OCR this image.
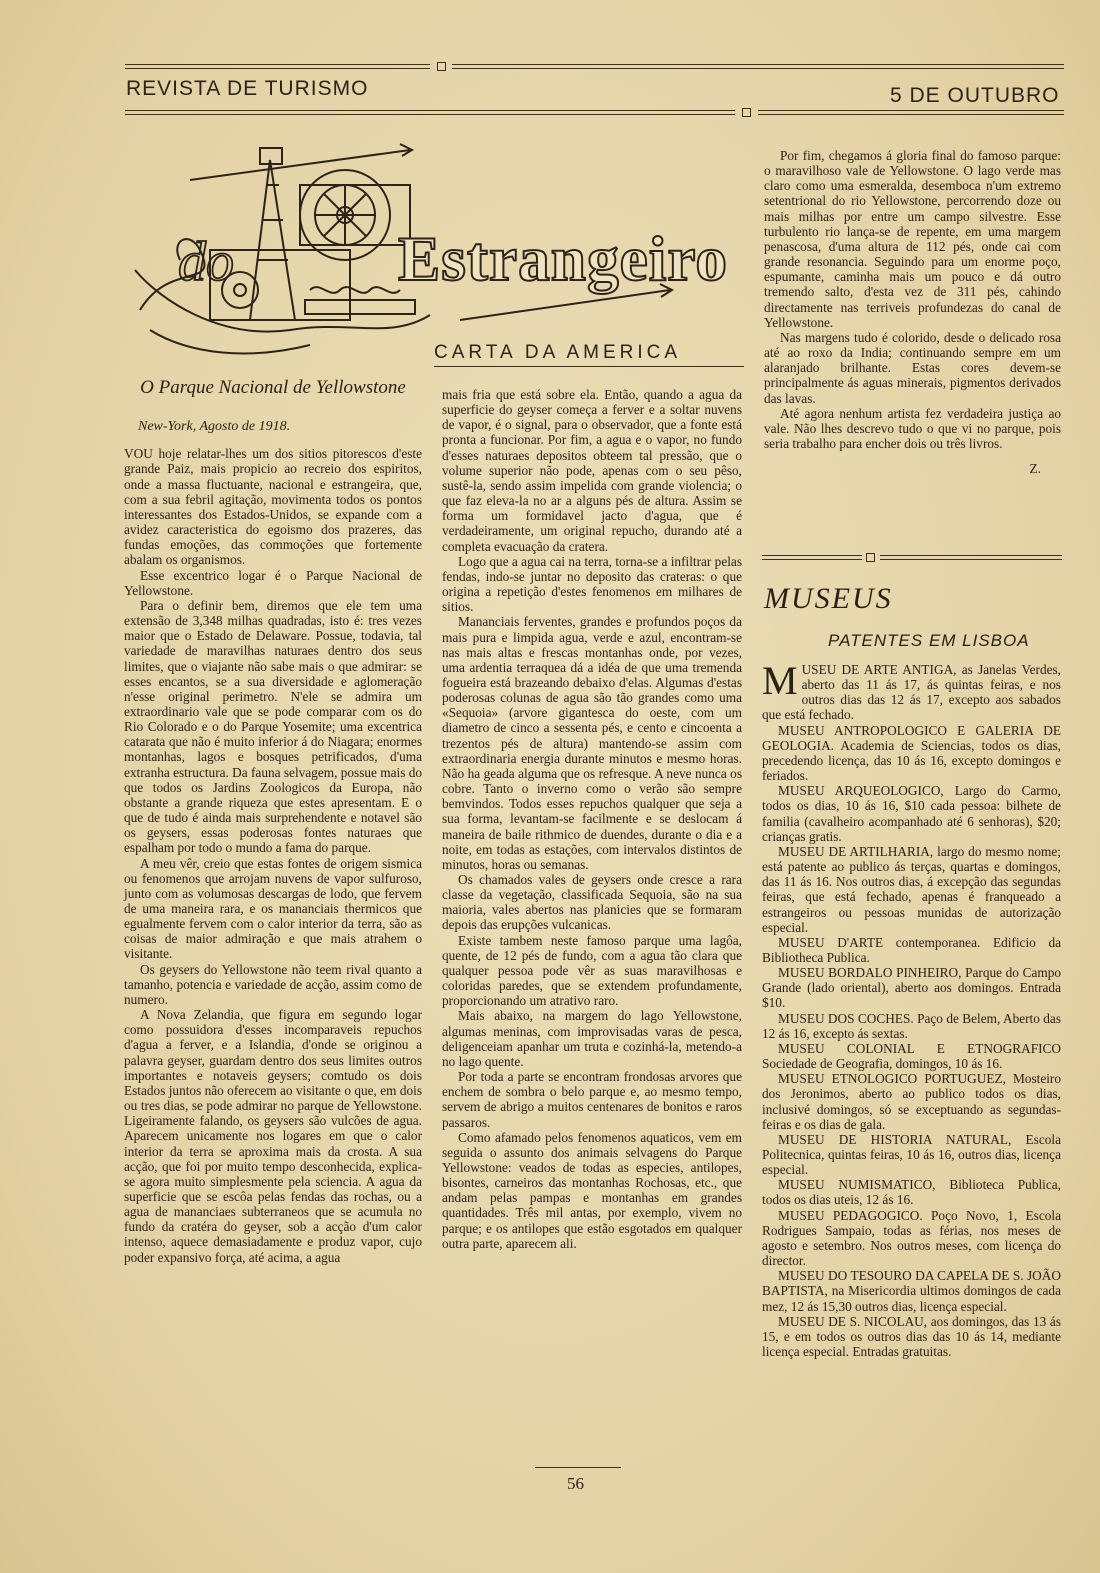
REVISTA DE TURISMO	5 DE OUTUBRO
do	Estrangeiro
CARTA DA AMERICA
O Parque Nacional de Yellowstone
New-York, Agosto de 1918.

VOU hoje relatar-lhes um dos sitios pitorescos d'este grande Paiz, mais propicio ao recreio dos espiritos, onde a massa fluctuante, nacional e estrangeira, que, com a sua febril agitação, movimenta todos os pontos interessantes dos Estados-Unidos, se expande com a avidez caracteristica do egoismo dos prazeres, das fundas emoções, das commoções que fortemente abalam os organismos.

Esse excentrico logar é o Parque Nacional de Yellowstone.

Para o definir bem, diremos que ele tem uma extensão de 3,348 milhas quadradas, isto é: tres vezes maior que o Estado de Delaware. Possue, todavia, tal variedade de maravilhas naturaes dentro dos seus limites, que o viajante não sabe mais o que admirar: se esses encantos, se a sua diversidade e aglomeração n'esse original perimetro. N'ele se admira um extraordinario vale que se pode comparar com os do Rio Colorado e o do Parque Yosemite; uma excentrica catarata que não é muito inferior á do Niagara; enormes montanhas, lagos e bosques petrificados, d'uma extranha estructura. Da fauna selvagem, possue mais do que todos os Jardins Zoologicos da Europa, não obstante a grande riqueza que estes apresentam. E o que de tudo é ainda mais surprehendente e notavel são os geysers, essas poderosas fontes naturaes que espalham por todo o mundo a fama do parque.

A meu vêr, creio que estas fontes de origem sismica ou fenomenos que arrojam nuvens de vapor sulfuroso, junto com as volumosas descargas de lodo, que fervem de uma maneira rara, e os mananciais thermicos que egualmente fervem com o calor interior da terra, são as coisas de maior admiração e que mais atrahem o visitante.

Os geysers do Yellowstone não teem rival quanto a tamanho, potencia e variedade de acção, assim como de numero.

A Nova Zelandia, que figura em segundo logar como possuidora d'esses incomparaveis repuchos d'agua a ferver, e a Islandia, d'onde se originou a palavra geyser, guardam dentro dos seus limites outros importantes e notaveis geysers; comtudo os dois Estados juntos não oferecem ao visitante o que, em dois ou tres dias, se pode admirar no parque de Yellowstone. Ligeiramente falando, os geysers são vulcões de agua. Aparecem unicamente nos logares em que o calor interior da terra se aproxima mais da crosta. A sua acção, que foi por muito tempo desconhecida, explica-se agora muito simplesmente pela sciencia. A agua da superficie que se escôa pelas fendas das rochas, ou a agua de mananciaes subterraneos que se acumula no fundo da cratéra do geyser, sob a acção d'um calor intenso, aquece demasiadamente e produz vapor, cujo poder expansivo força, até acima, a agua

mais fria que está sobre ela. Então, quando a agua da superficie do geyser começa a ferver e a soltar nuvens de vapor, é o signal, para o observador, que a fonte está pronta a funcionar. Por fim, a agua e o vapor, no fundo d'esses naturaes depositos obteem tal pressão, que o volume superior não pode, apenas com o seu pêso, sustê-la, sendo assim impelida com grande violencia; o que faz eleva-la no ar a alguns pés de altura. Assim se forma um formidavel jacto d'agua, que é verdadeiramente, um original repucho, durando até a completa evacuação da cratera.

Logo que a agua cai na terra, torna-se a infiltrar pelas fendas, indo-se juntar no deposito das crateras: o que origina a repetição d'estes fenomenos em milhares de sitios.

Mananciais ferventes, grandes e profundos poços da mais pura e limpida agua, verde e azul, encontram-se nas mais altas e frescas montanhas onde, por vezes, uma ardentia terraquea dá a idéa de que uma tremenda fogueira está brazeando debaixo d'elas. Algumas d'estas poderosas colunas de agua são tão grandes como uma «Sequoia» (arvore gigantesca do oeste, com um diametro de cinco a sessenta pés, e cento e cincoenta a trezentos pés de altura) mantendo-se assim com extraordinaria energia durante minutos e mesmo horas. Não ha geada alguma que os refresque. A neve nunca os cobre. Tanto o inverno como o verão são sempre bemvindos. Todos esses repuchos qualquer que seja a sua forma, levantam-se facilmente e se deslocam á maneira de baile rithmico de duendes, durante o dia e a noite, em todas as estações, com intervalos distintos de minutos, horas ou semanas.

Os chamados vales de geysers onde cresce a rara classe da vegetação, classificada Sequoia, são na sua maioria, vales abertos nas planicies que se formaram depois das erupções vulcanicas.

Existe tambem neste famoso parque uma lagôa, quente, de 12 pés de fundo, com a agua tão clara que qualquer pessoa pode vêr as suas maravilhosas e coloridas paredes, que se extendem profundamente, proporcionando um atrativo raro.

Mais abaixo, na margem do lago Yellowstone, algumas meninas, com improvisadas varas de pesca, deligenceiam apanhar um truta e cozinhá-la, metendo-a no lago quente.

Por toda a parte se encontram frondosas arvores que enchem de sombra o belo parque e, ao mesmo tempo, servem de abrigo a muitos centenares de bonitos e raros passaros.

Como afamado pelos fenomenos aquaticos, vem em seguida o assunto dos animais selvagens do Parque Yellowstone: veados de todas as especies, antilopes, bisontes, carneiros das montanhas Rochosas, etc., que andam pelas pampas e montanhas em grandes quantidades. Três mil antas, por exemplo, vivem no parque; e os antilopes que estão esgotados em qualquer outra parte, aparecem ali.

Por fim, chegamos á gloria final do famoso parque: o maravilhoso vale de Yellowstone. O lago verde mas claro como uma esmeralda, desemboca n'um extremo setentrional do rio Yellowstone, percorrendo doze ou mais milhas por entre um campo silvestre. Esse turbulento rio lança-se de repente, em uma margem penascosa, d'uma altura de 112 pés, onde cai com grande resonancia. Seguindo para um enorme poço, espumante, caminha mais um pouco e dá outro tremendo salto, d'esta vez de 311 pés, cahindo directamente nas terriveis profundezas do canal de Yellowstone.

Nas margens tudo é colorido, desde o delicado rosa até ao roxo da India; continuando sempre em um alaranjado brilhante. Estas cores devem-se principalmente ás aguas minerais, pigmentos derivados das lavas.

Até agora nenhum artista fez verdadeira justiça ao vale. Não lhes descrevo tudo o que vi no parque, pois seria trabalho para encher dois ou três livros.

Z.

MUSEUS
PATENTES EM LISBOA

MUSEU DE ARTE ANTIGA, as Janelas Verdes, aberto das 11 ás 17, ás quintas feiras, e nos outros dias das 12 ás 17, excepto aos sabados que está fechado.

MUSEU ANTROPOLOGICO E GALERIA DE GEOLOGIA. Academia de Sciencias, todos os dias, precedendo licença, das 10 ás 16, excepto domingos e feriados.

MUSEU ARQUEOLOGICO, Largo do Carmo, todos os dias, 10 ás 16, $10 cada pessoa: bilhete de familia (cavalheiro acompanhado até 6 senhoras), $20; crianças gratis.

MUSEU DE ARTILHARIA, largo do mesmo nome; está patente ao publico ás terças, quartas e domingos, das 11 ás 16. Nos outros dias, á excepção das segundas feiras, que está fechado, apenas é franqueado a estrangeiros ou pessoas munidas de autorização especial.

MUSEU D'ARTE contemporanea. Edificio da Bibliotheca Publica.

MUSEU BORDALO PINHEIRO, Parque do Campo Grande (lado oriental), aberto aos domingos. Entrada $10.

MUSEU DOS COCHES. Paço de Belem, Aberto das 12 ás 16, excepto ás sextas.

MUSEU COLONIAL E ETNOGRAFICO Sociedade de Geografia, domingos, 10 ás 16.

MUSEU ETNOLOGICO PORTUGUEZ, Mosteiro dos Jeronimos, aberto ao publico todos os dias, inclusivé domingos, só se exceptuando as segundas-feiras e os dias de gala.

MUSEU DE HISTORIA NATURAL, Escola Politecnica, quintas feiras, 10 ás 16, outros dias, licença especial.

MUSEU NUMISMATICO, Biblioteca Publica, todos os dias uteis, 12 ás 16.

MUSEU PEDAGOGICO. Poço Novo, 1, Escola Rodrigues Sampaio, todas as férias, nos meses de agosto e setembro. Nos outros meses, com licença do director.

MUSEU DO TESOURO DA CAPELA DE S. JOÃO BAPTISTA, na Misericordia ultimos domingos de cada mez, 12 ás 15,30 outros dias, licença especial.

MUSEU DE S. NICOLAU, aos domingos, das 13 ás 15, e em todos os outros dias das 10 ás 14, mediante licença especial. Entradas gratuitas.

56
